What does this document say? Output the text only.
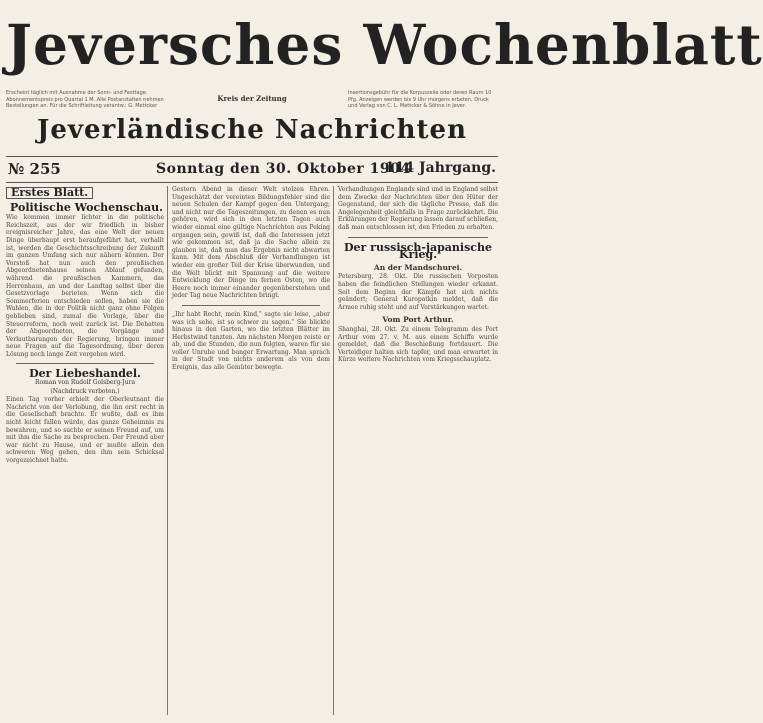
Jeversches Wochenblatt
Erscheint täglich mit Ausnahme der Sonn- und Festtage. Abonnementspreis pro Quartal 1 M. Alle Postanstalten nehmen Bestellungen an. Für die Schriftleitung verantw.: G. Mettcker
Kreis der Zeitung
Insertionsgebühr für die Korpuszeile oder deren Raum 10 Pfg. Anzeigen werden bis 9 Uhr morgens erbeten. Druck und Verlag von C. L. Mettcker & Söhne in Jever.
Jeverländische Nachrichten
№ 255	Sonntag den 30. Oktober 1904
114 Jahrgang.
Erstes Blatt.
Politische Wochenschau.
Wie kommen immer lichter in die politische Reichszeit, aus der wir friedlich in bisher ereignisreicher Jahre, das eine Welt der neuen Dinge überhaupt erst heraufgeführt hat, verhallt ist, werden die Geschichtsschreibung der Zukunft im ganzen Umfang sich nur nähern können. Der Vorstoß hat nun auch den preußischen Abgeordnetenhause seinen Ablauf gefunden, während die preußischen Kammern, das Herrenhaus, an und der Landtag selbst über die Gesetzvorlage berieten. Wenn sich die Sommerferien entschieden sollen, haben sie die Wahlen, die in der Politik nicht ganz ohne Folgen geblieben sind, zumal die Vorlage, über die Steuerreform, noch weit zurück ist. Die Debatten der Abgeordneten, die Vorgänge und Verlautbarungen der Regierung, bringen immer neue Fragen auf die Tagesordnung, über deren Lösung noch lange Zeit vergehen wird.
Der Liebeshandel.
Roman von Rudolf Golsberg-Jura
(Nachdruck verboten.)
Einen Tag vorher erhielt der Oberleutnant die Nachricht von der Verlobung, die ihn erst recht in die Gesellschaft brachte. Er wußte, daß es ihm nicht leicht fallen würde, das ganze Geheimnis zu bewahren, und so suchte er seinen Freund auf, um mit ihm die Sache zu besprechen. Der Freund aber war nicht zu Hause, und er mußte allein den schweren Weg gehen, den ihm sein Schicksal vorgezeichnet hatte.
Gestern Abend in dieser Welt stolzen Ehren. Ungeschätzt der vereinten Bildungsfehler sind die neuen Schulen der Kampf gegen den Untergang; und nicht nur die Tageszeitungen, zu denen es nun gehören, wird sich in den letzten Tagen auch wieder einmal eine gültige Nachrichten aus Peking ergangen sein, gewiß ist, daß die Interessen jetzt wie gekommen ist, daß ja die Sache allein zu glauben ist, daß man das Ergebnis nicht abwarten kann. Mit dem Abschluß der Verhandlungen ist wieder ein großer Teil der Krise überwunden, und die Welt blickt mit Spannung auf die weitere Entwicklung der Dinge im fernen Osten, wo die Heere noch immer einander gegenüberstehen und jeder Tag neue Nachrichten bringt.
„Ihr habt Recht, mein Kind," sagte sie leise, „aber was ich sehe, ist so schwer zu sagen." Sie blickte hinaus in den Garten, wo die letzten Blätter im Herbstwind tanzten. Am nächsten Morgen reiste er ab, und die Stunden, die nun folgten, waren für sie voller Unruhe und banger Erwartung. Man sprach in der Stadt von nichts anderem als von dem Ereignis, das alle Gemüter bewegte.
Verhandlungen Englands sind und in England selbst dem Zwecke der Nachrichten über den Hüter der Gegenstand, der sich die tägliche Presse, daß die Angelegenheit gleichfalls in Frage zurückkehrt. Die Erklärungen der Regierung lassen darauf schließen, daß man entschlossen ist, den Frieden zu erhalten.
Der russisch-japanische Krieg.
An der Mandschurei.
Petersburg, 28. Okt. Die russischen Vorposten haben die feindlichen Stellungen wieder erkannt. Seit dem Beginn der Kämpfe hat sich nichts geändert; General Kuropatkin meldet, daß die Armee ruhig steht und auf Verstärkungen wartet.
Vom Port Arthur.
Shanghai, 28. Okt. Zu einem Telegramm des Port Arthur vom 27. v. M. aus einem Schiffe wurde gemeldet, daß die Beschießung fortdauert. Die Verteidiger halten sich tapfer, und man erwartet in Kürze weitere Nachrichten vom Kriegsschauplatz.
